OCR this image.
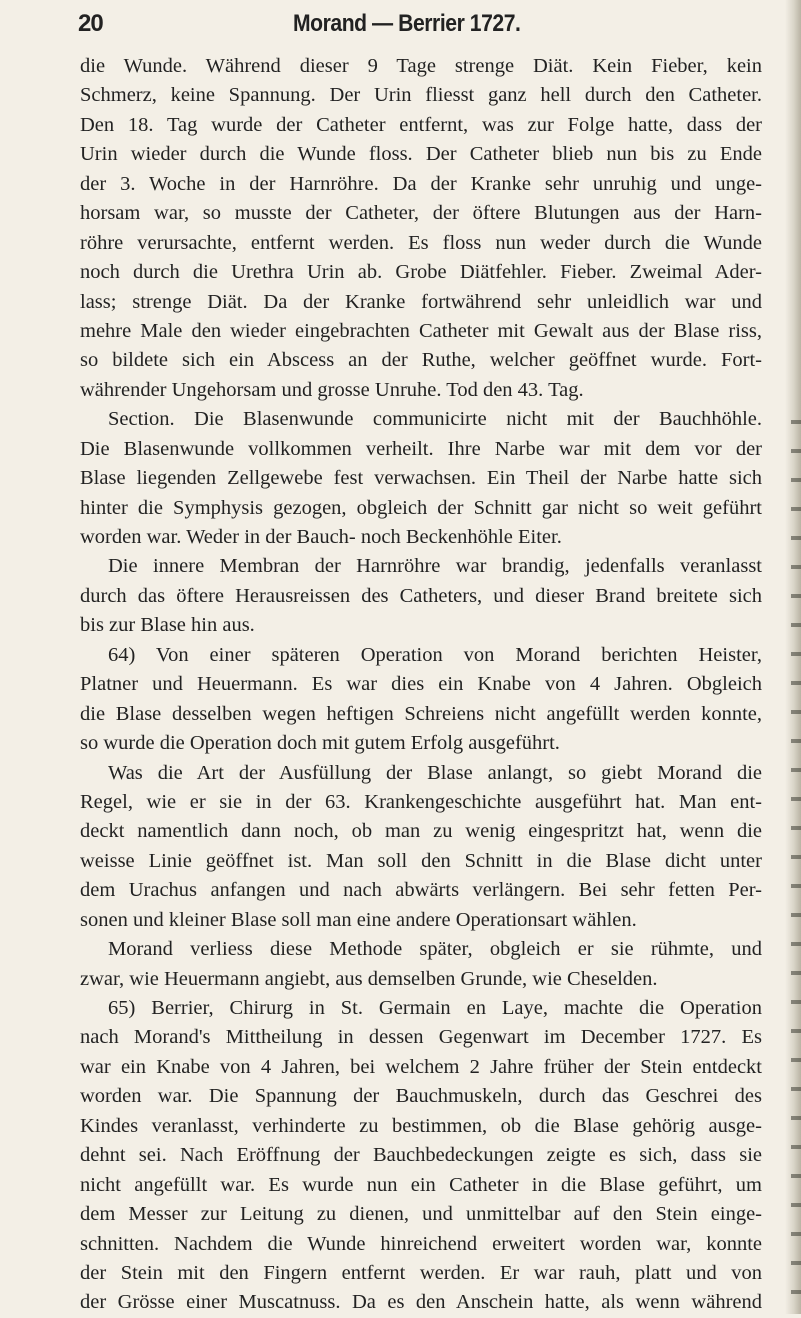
20	Morand — Berrier 1727.
die Wunde. Während dieser 9 Tage strenge Diät. Kein Fieber, kein
Schmerz, keine Spannung. Der Urin fliesst ganz hell durch den Catheter.
Den 18. Tag wurde der Catheter entfernt, was zur Folge hatte, dass der
Urin wieder durch die Wunde floss. Der Catheter blieb nun bis zu Ende
der 3. Woche in der Harnröhre. Da der Kranke sehr unruhig und unge-
horsam war, so musste der Catheter, der öftere Blutungen aus der Harn-
röhre verursachte, entfernt werden. Es floss nun weder durch die Wunde
noch durch die Urethra Urin ab. Grobe Diätfehler. Fieber. Zweimal Ader-
lass; strenge Diät. Da der Kranke fortwährend sehr unleidlich war und
mehre Male den wieder eingebrachten Catheter mit Gewalt aus der Blase riss,
so bildete sich ein Abscess an der Ruthe, welcher geöffnet wurde. Fort-
währender Ungehorsam und grosse Unruhe. Tod den 43. Tag.
Section. Die Blasenwunde communicirte nicht mit der Bauchhöhle.
Die Blasenwunde vollkommen verheilt. Ihre Narbe war mit dem vor der
Blase liegenden Zellgewebe fest verwachsen. Ein Theil der Narbe hatte sich
hinter die Symphysis gezogen, obgleich der Schnitt gar nicht so weit geführt
worden war. Weder in der Bauch- noch Beckenhöhle Eiter.
Die innere Membran der Harnröhre war brandig, jedenfalls veranlasst
durch das öftere Herausreissen des Catheters, und dieser Brand breitete sich
bis zur Blase hin aus.
64) Von einer späteren Operation von Morand berichten Heister,
Platner und Heuermann. Es war dies ein Knabe von 4 Jahren. Obgleich
die Blase desselben wegen heftigen Schreiens nicht angefüllt werden konnte,
so wurde die Operation doch mit gutem Erfolg ausgeführt.
Was die Art der Ausfüllung der Blase anlangt, so giebt Morand die
Regel, wie er sie in der 63. Krankengeschichte ausgeführt hat. Man ent-
deckt namentlich dann noch, ob man zu wenig eingespritzt hat, wenn die
weisse Linie geöffnet ist. Man soll den Schnitt in die Blase dicht unter
dem Urachus anfangen und nach abwärts verlängern. Bei sehr fetten Per-
sonen und kleiner Blase soll man eine andere Operationsart wählen.
Morand verliess diese Methode später, obgleich er sie rühmte, und
zwar, wie Heuermann angiebt, aus demselben Grunde, wie Cheselden.
65) Berrier, Chirurg in St. Germain en Laye, machte die Operation
nach Morand's Mittheilung in dessen Gegenwart im December 1727. Es
war ein Knabe von 4 Jahren, bei welchem 2 Jahre früher der Stein entdeckt
worden war. Die Spannung der Bauchmuskeln, durch das Geschrei des
Kindes veranlasst, verhinderte zu bestimmen, ob die Blase gehörig ausge-
dehnt sei. Nach Eröffnung der Bauchbedeckungen zeigte es sich, dass sie
nicht angefüllt war. Es wurde nun ein Catheter in die Blase geführt, um
dem Messer zur Leitung zu dienen, und unmittelbar auf den Stein einge-
schnitten. Nachdem die Wunde hinreichend erweitert worden war, konnte
der Stein mit den Fingern entfernt werden. Er war rauh, platt und von
der Grösse einer Muscatnuss. Da es den Anschein hatte, als wenn während
